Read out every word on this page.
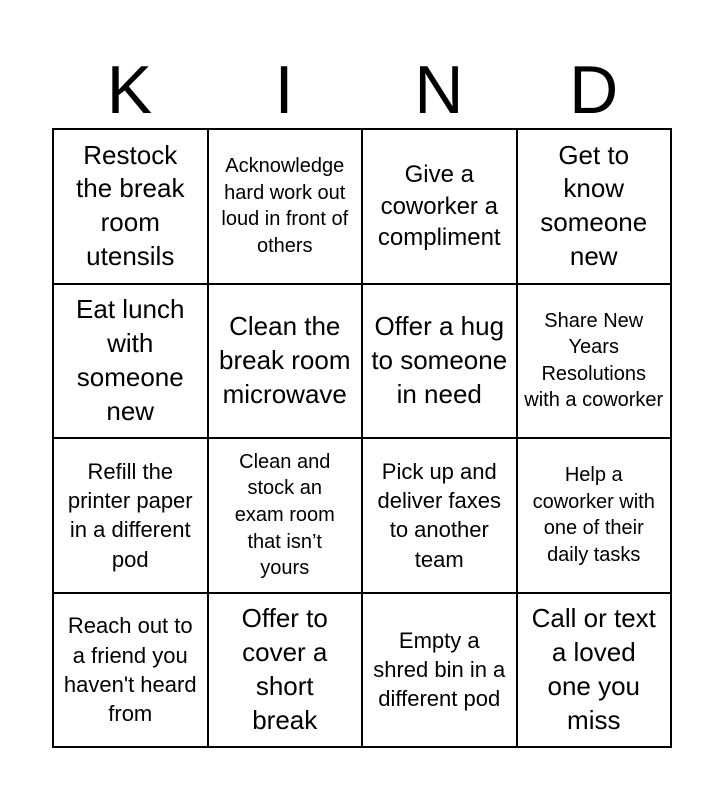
K	I	N	D
Restock the break room utensils
Acknowledge hard work out loud in front of others
Give a coworker a compliment
Get to know someone new
Eat lunch with someone new
Clean the break room microwave
Offer a hug to someone in need
Share New Years Resolutions with a coworker
Refill the printer paper in a different pod
Clean and stock an exam room that isn’t yours
Pick up and deliver faxes to another team
Help a coworker with one of their daily tasks
Reach out to a friend you haven't heard from
Offer to cover a short break
Empty a shred bin in a different pod
Call or text a loved one you miss
